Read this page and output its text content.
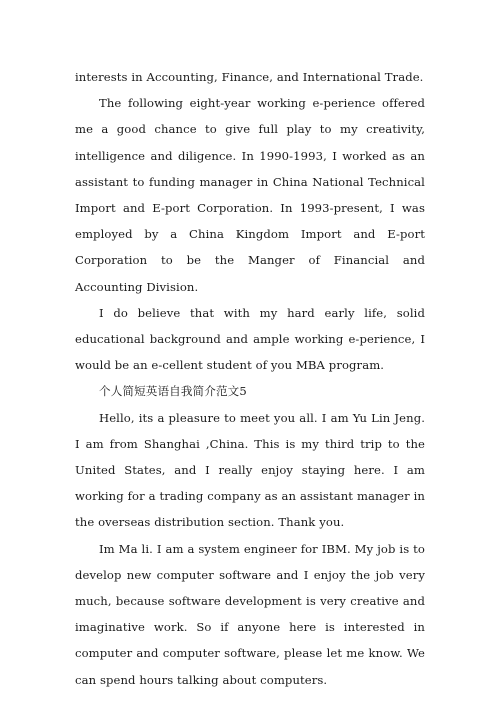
interests in Accounting, Finance, and International Trade.

The following eight-year working e-perience offered me a good chance to give full play to my creativity, intelligence and diligence. In 1990-1993, I worked as an assistant to funding manager in China National Technical Import and E-port Corporation. In 1993-present, I was employed by a China Kingdom Import and E-port Corporation to be the Manger of Financial and Accounting Division.

I do believe that with my hard early life, solid educational background and ample working e-perience, I would be an e-cellent student of you MBA program.

个人简短英语自我简介范文5

Hello, its a pleasure to meet you all. I am Yu Lin Jeng. I am from Shanghai ,China. This is my third trip to the United States, and I really enjoy staying here. I am working for a trading company as an assistant manager in the overseas distribution section. Thank you.

Im Ma li. I am a system engineer for IBM. My job is to develop new computer software and I enjoy the job very much, because software development is very creative and imaginative work. So if anyone here is interested in computer and computer software, please let me know. We can spend hours talking about computers.
